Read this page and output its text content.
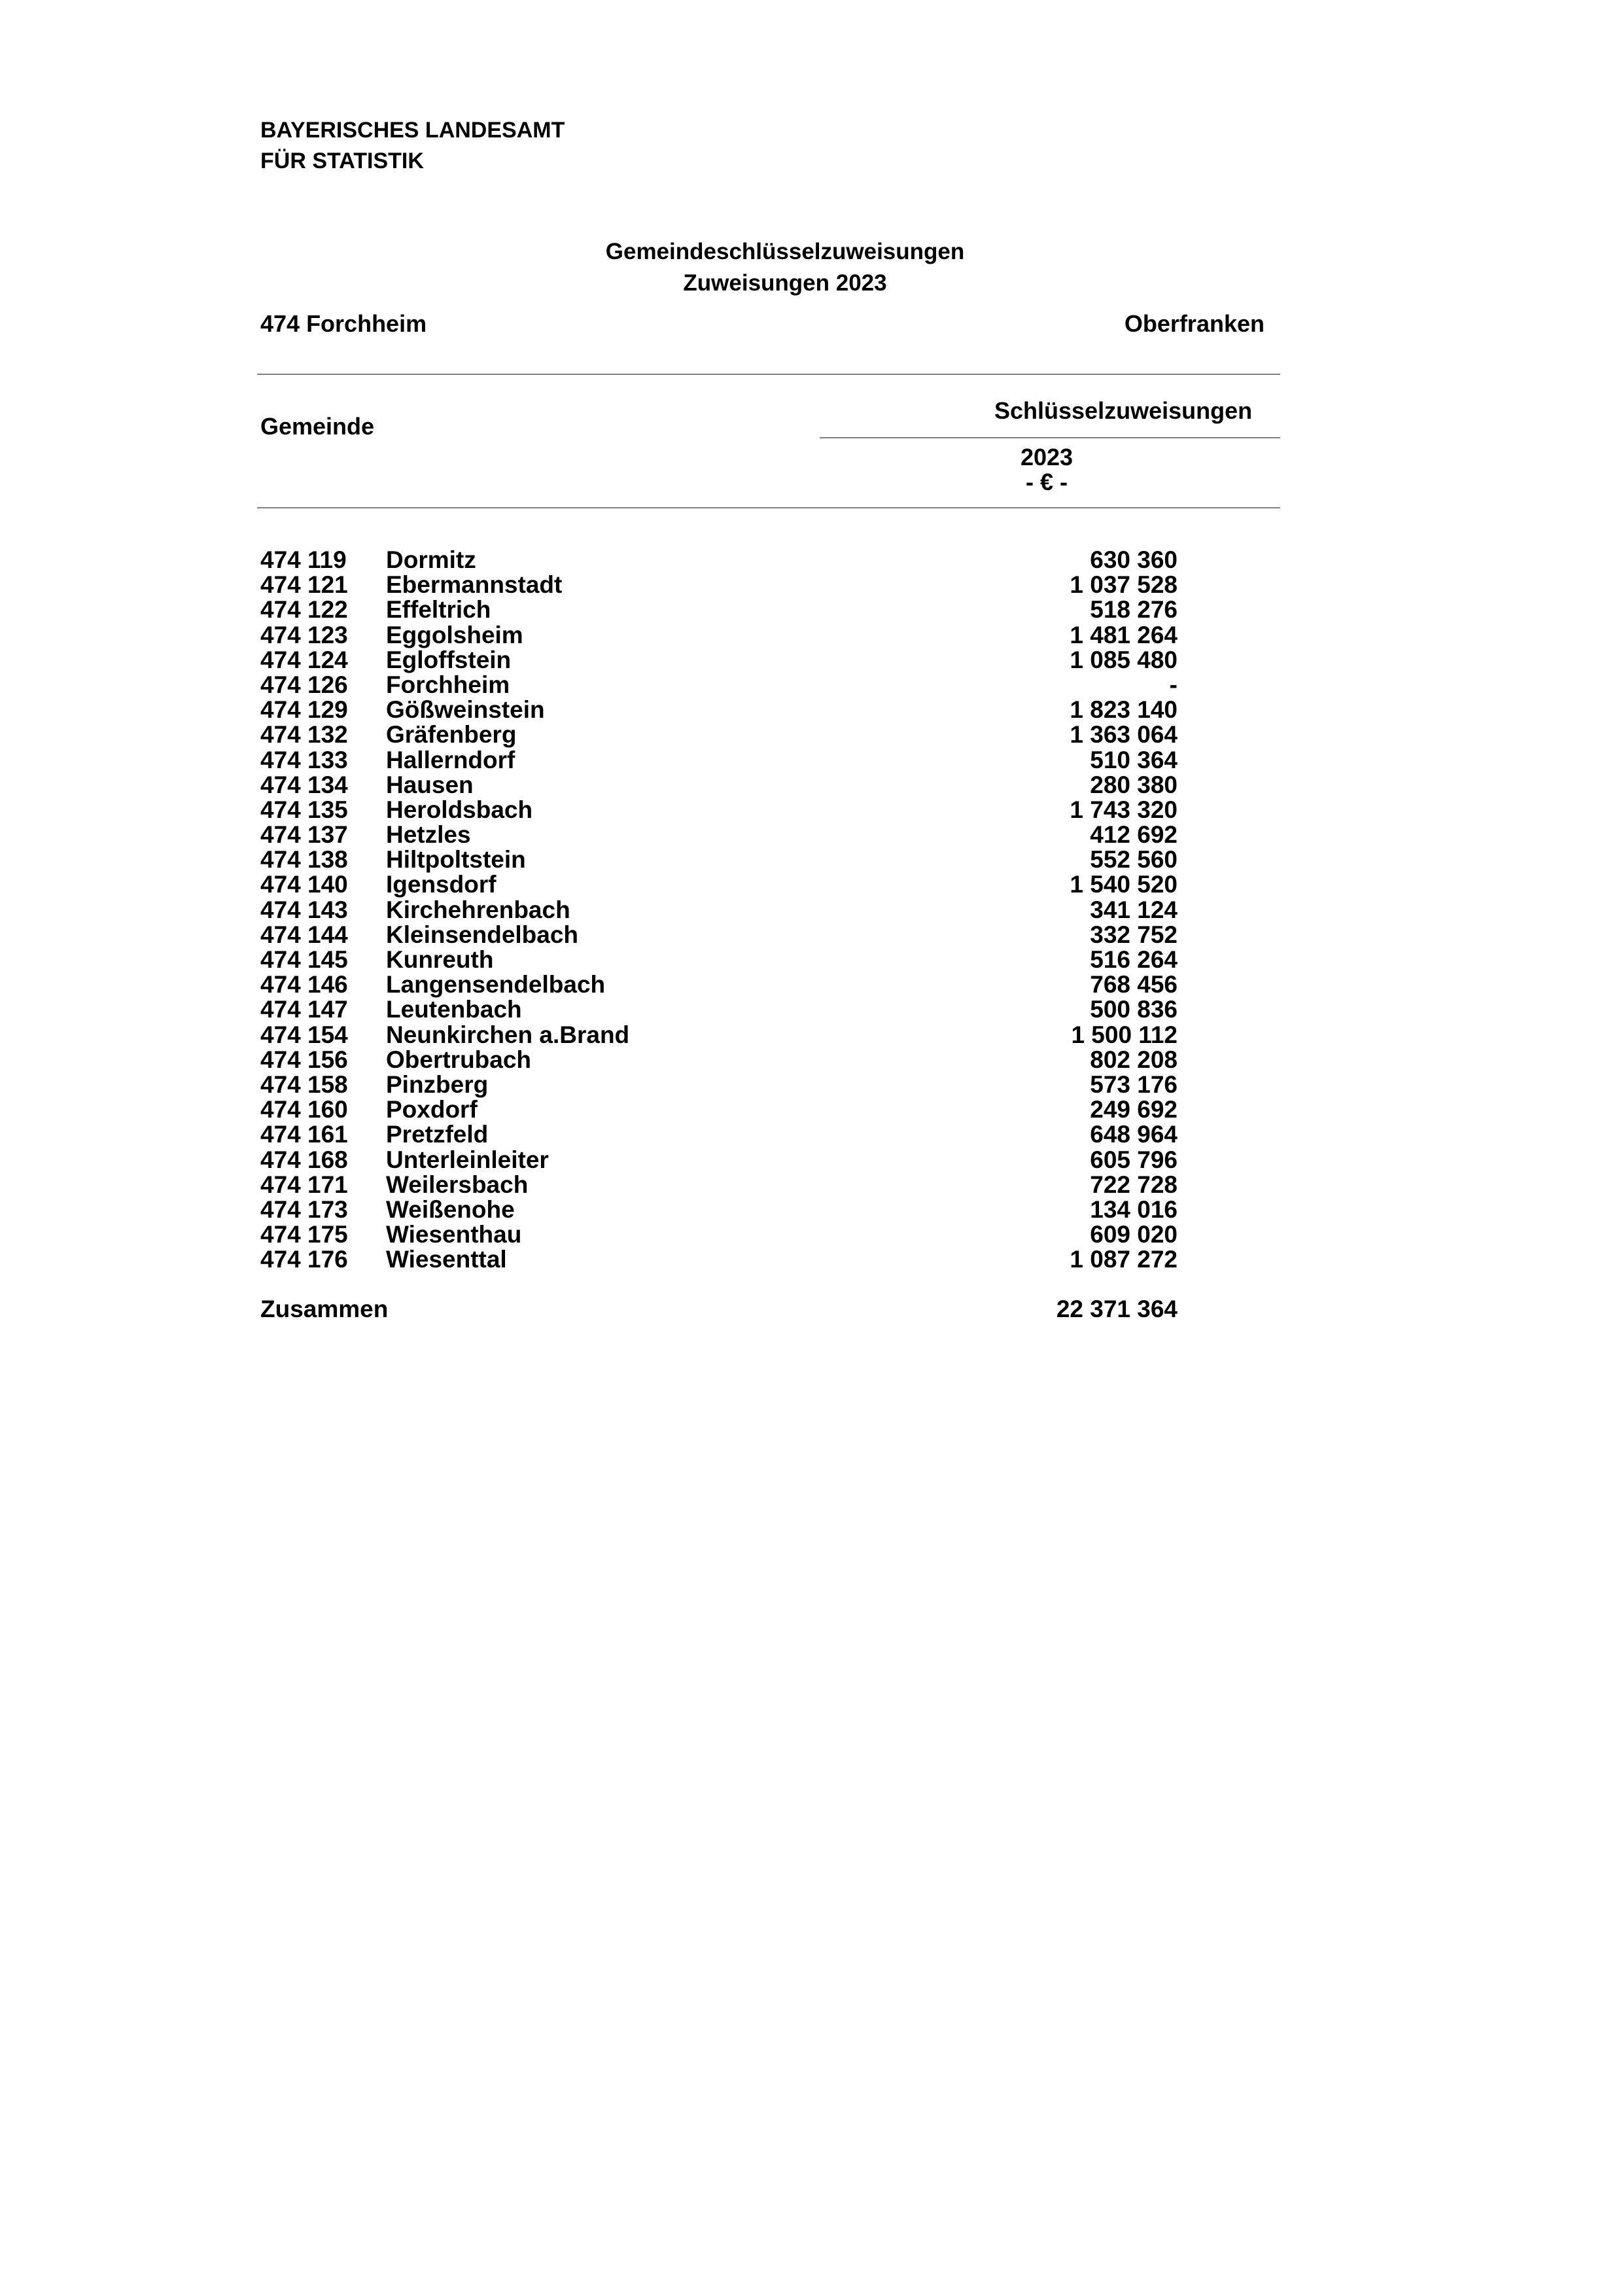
BAYERISCHES LANDESAMT
FÜR STATISTIK
Gemeindeschlüsselzuweisungen
Zuweisungen 2023
474 Forchheim	Oberfranken
Gemeinde
Schlüsselzuweisungen
2023
- € -
474 119 Dormitz	630 360
474 121 Ebermannstadt	1 037 528
474 122 Effeltrich	518 276
474 123 Eggolsheim	1 481 264
474 124 Egloffstein	1 085 480
474 126 Forchheim	-
474 129 Gößweinstein	1 823 140
474 132 Gräfenberg	1 363 064
474 133 Hallerndorf	510 364
474 134 Hausen	280 380
474 135 Heroldsbach	1 743 320
474 137 Hetzles	412 692
474 138 Hiltpoltstein	552 560
474 140 Igensdorf	1 540 520
474 143 Kirchehrenbach	341 124
474 144 Kleinsendelbach	332 752
474 145 Kunreuth	516 264
474 146 Langensendelbach	768 456
474 147 Leutenbach	500 836
474 154 Neunkirchen a.Brand	1 500 112
474 156 Obertrubach	802 208
474 158 Pinzberg	573 176
474 160 Poxdorf	249 692
474 161 Pretzfeld	648 964
474 168 Unterleinleiter	605 796
474 171 Weilersbach	722 728
474 173 Weißenohe	134 016
474 175 Wiesenthau	609 020
474 176 Wiesenttal	1 087 272
Zusammen	22 371 364
